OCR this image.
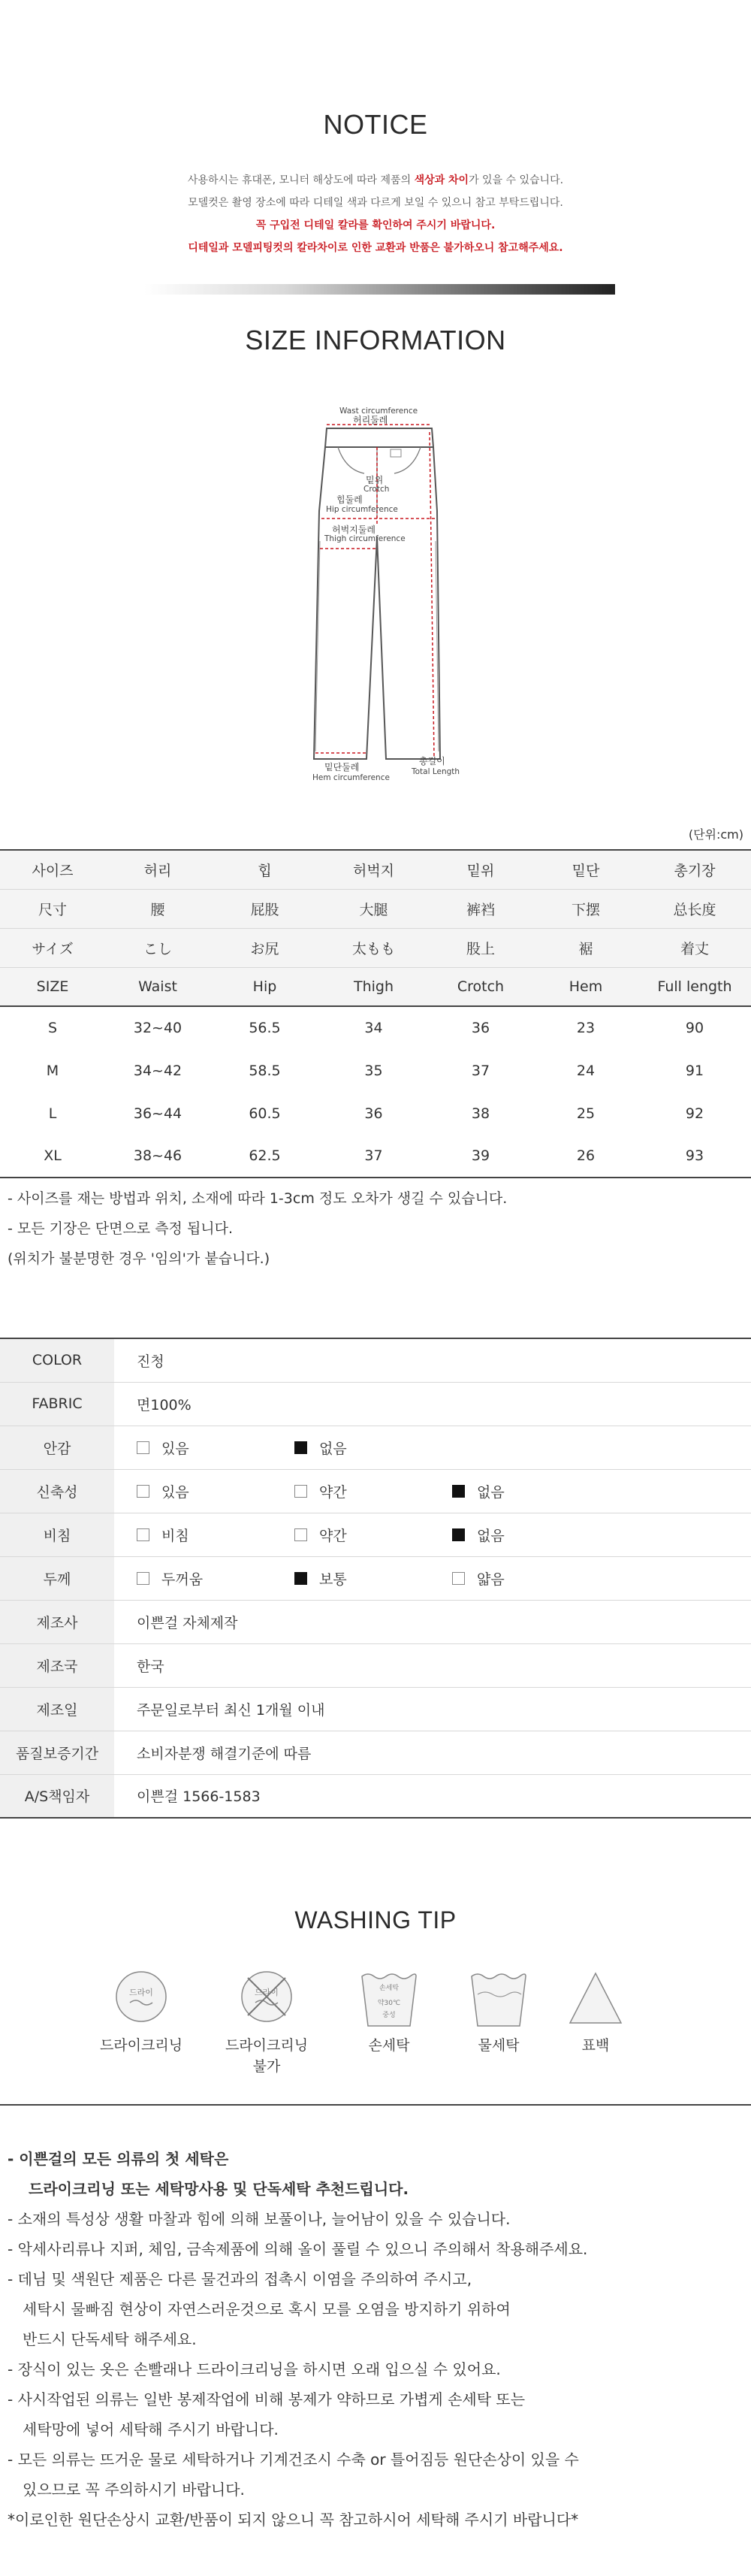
NOTICE
사용하시는 휴대폰, 모니터 해상도에 따라 제품의 색상과 차이가 있을 수 있습니다.
모델컷은 촬영 장소에 따라 디테일 색과 다르게 보일 수 있으니 참고 부탁드립니다.
꼭 구입전 디테일 칼라를 확인하여 주시기 바랍니다.
디테일과 모델피팅컷의 칼라차이로 인한 교환과 반품은 불가하오니 참고해주세요.
SIZE INFORMATION
Wast circumference
허리둘레
밑위
Crotch
힙둘레
Hip circumference
허벅지둘레
Thigh circumference
밑단둘레
Hem circumference
총길이
Total Length
(단위:cm)
사이즈	허리	힙	허벅지	밑위	밑단	총기장
尺寸	腰	屁股	大腿	裤裆	下摆	总长度
サイズ	こし	お尻	太もも	股上	裾	着丈
SIZE	Waist	Hip	Thigh	Crotch	Hem	Full length
S	32~40	56.5	34	36	23	90
M	34~42	58.5	35	37	24	91
L	36~44	60.5	36	38	25	92
XL	38~46	62.5	37	39	26	93
- 사이즈를 재는 방법과 위치, 소재에 따라 1-3cm 정도 오차가 생길 수 있습니다.
- 모든 기장은 단면으로 측정 됩니다.
(위치가 불분명한 경우 '임의'가 붙습니다.)
COLOR	진청
FABRIC	면100%
안감	있음 없음

신축성	있음 약간 없음

비침	비침 약간 없음

두께	두꺼움 보통 얇음

제조사	이쁜걸 자체제작
제조국	한국
제조일	주문일로부터 최신 1개월 이내
품질보증기간	소비자분쟁 해결기준에 따름
A/S책임자	이쁜걸 1566-1583
WASHING TIP
드라이
드라이크리닝
드라이
드라이크리닝
불가
손세탁
약30℃
중성
손세탁	물세탁	표백
- 이쁜걸의 모든 의류의 첫 세탁은
드라이크리닝 또는 세탁망사용 및 단독세탁 추천드립니다.
- 소재의 특성상 생활 마찰과 힘에 의해 보풀이나, 늘어남이 있을 수 있습니다.
- 악세사리류나 지퍼, 체임, 금속제품에 의해 올이 풀릴 수 있으니 주의해서 착용해주세요.
- 데님 및 색원단 제품은 다른 물건과의 접촉시 이염을 주의하여 주시고,
세탁시 물빠짐 현상이 자연스러운것으로 혹시 모를 오염을 방지하기 위하여
반드시 단독세탁 해주세요.
- 장식이 있는 옷은 손빨래나 드라이크리닝을 하시면 오래 입으실 수 있어요.
- 사시작업된 의류는 일반 봉제작업에 비해 봉제가 약하므로 가볍게 손세탁 또는
세탁망에 넣어 세탁해 주시기 바랍니다.
- 모든 의류는 뜨거운 물로 세탁하거나 기계건조시 수축 or 틀어짐등 원단손상이 있을 수
있으므로 꼭 주의하시기 바랍니다.
*이로인한 원단손상시 교환/반품이 되지 않으니 꼭 참고하시어 세탁해 주시기 바랍니다*
